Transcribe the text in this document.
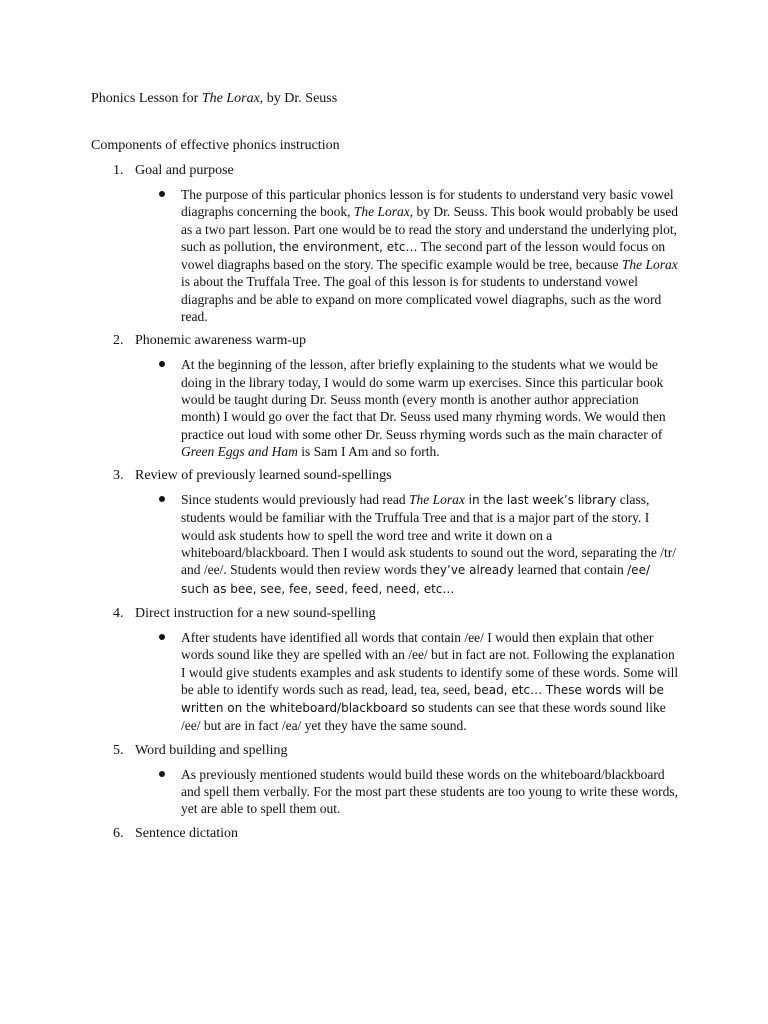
Phonics Lesson for The Lorax, by Dr. Seuss
Components of effective phonics instruction
1. Goal and purpose
The purpose of this particular phonics lesson is for students to understand very basic vowel diagraphs concerning the book, The Lorax, by Dr. Seuss. This book would probably be used as a two part lesson. Part one would be to read the story and understand the underlying plot, such as pollution, the environment, etc… The second part of the lesson would focus on vowel diagraphs based on the story. The specific example would be tree, because The Lorax is about the Truffala Tree. The goal of this lesson is for students to understand vowel diagraphs and be able to expand on more complicated vowel diagraphs, such as the word read.
2. Phonemic awareness warm-up
At the beginning of the lesson, after briefly explaining to the students what we would be doing in the library today, I would do some warm up exercises. Since this particular book would be taught during Dr. Seuss month (every month is another author appreciation month) I would go over the fact that Dr. Seuss used many rhyming words. We would then practice out loud with some other Dr. Seuss rhyming words such as the main character of Green Eggs and Ham is Sam I Am and so forth.
3. Review of previously learned sound-spellings
Since students would previously had read The Lorax in the last week’s library class, students would be familiar with the Truffula Tree and that is a major part of the story. I would ask students how to spell the word tree and write it down on a whiteboard/blackboard. Then I would ask students to sound out the word, separating the /tr/ and /ee/. Students would then review words they’ve already learned that contain /ee/ such as bee, see, fee, seed, feed, need, etc…
4. Direct instruction for a new sound-spelling
After students have identified all words that contain /ee/ I would then explain that other words sound like they are spelled with an /ee/ but in fact are not. Following the explanation I would give students examples and ask students to identify some of these words. Some will be able to identify words such as read, lead, tea, seed, bead, etc… These words will be written on the whiteboard/blackboard so students can see that these words sound like /ee/ but are in fact /ea/ yet they have the same sound.
5. Word building and spelling
As previously mentioned students would build these words on the whiteboard/blackboard and spell them verbally. For the most part these students are too young to write these words, yet are able to spell them out.
6. Sentence dictation
